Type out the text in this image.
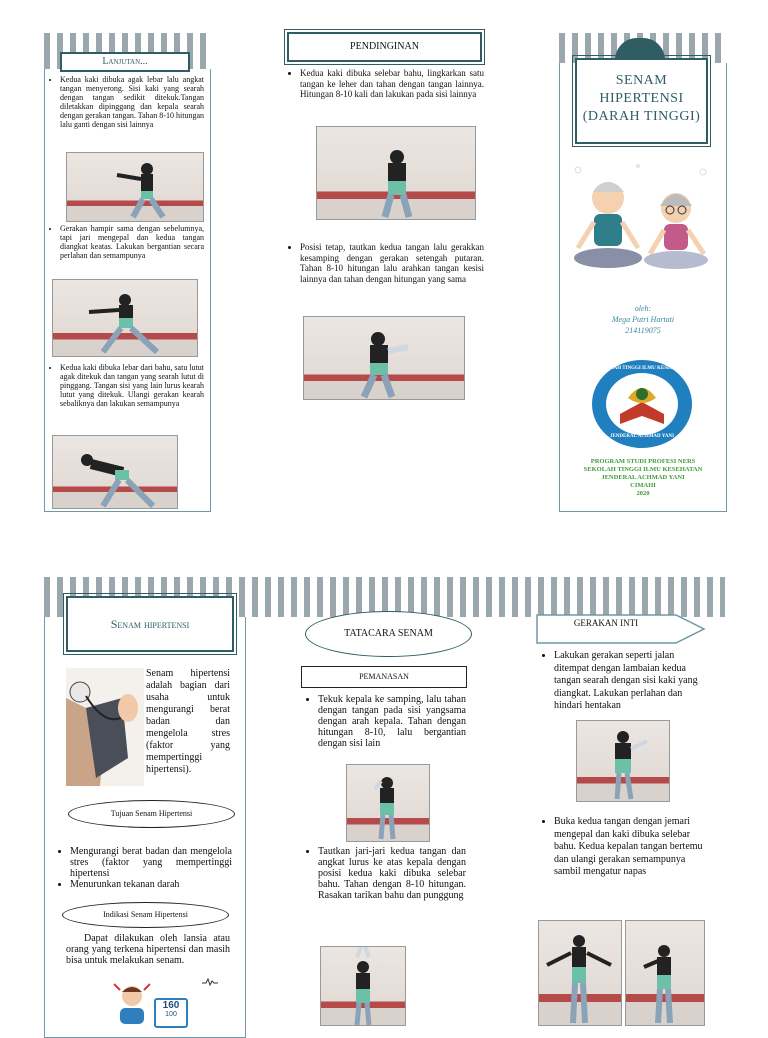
Lanjutan...
• Kedua kaki dibuka agak lebar lalu angkat tangan menyerong. Sisi kaki yang searah dengan tangan sedikit ditekuk.Tangan diletakkan dipinggang dan kepala searah dengan gerakan tangan. Tahan 8-10 hitungan lalu ganti dengan sisi lainnya
• Gerakan hampir sama dengan sebelumnya, tapi jari mengepal dan kedua tangan diangkat keatas. Lakukan bergantian secara perlahan dan semampunya
• Kedua kaki dibuka lebar dari bahu, satu lutut agak ditekuk dan tangan yang searah lutut di pinggang. Tangan sisi yang lain lurus kearah lutut yang ditekuk. Ulangi gerakan kearah sebaliknya dan lakukan semampunya
PENDINGINAN
• Kedua kaki dibuka selebar bahu, lingkarkan satu tangan ke leher dan tahan dengan tangan lainnya. Hitungan 8-10 kali dan lakukan pada sisi lainnya
• Posisi tetap, tautkan kedua tangan lalu gerakkan kesamping dengan gerakan setengah putaran. Tahan 8-10 hitungan lalu arahkan tangan kesisi lainnya dan tahan dengan hitungan yang sama
SENAM HIPERTENSI (DARAH TINGGI)
oleh:
Mega Putri Hartati
214119075
SEKOLAH TINGGI ILMU KESEHATAN
JENDERAL ACHMAD YANI
PROGRAM STUDI PROFESI NERS
SEKOLAH TINGGI ILMU KESEHATAN
JENDERAL ACHMAD YANI
CIMAHI
2020
Senam hipertensi
Senam hipertensi adalah bagian dari usaha untuk mengurangi berat badan dan mengelola stres (faktor yang mempertinggi hipertensi).
Tujuan Senam Hipertensi
• Mengurangi berat badan dan mengelola stres (faktor yang mempertinggi hipertensi
• Menurunkan tekanan darah
Indikasi Senam Hipertensi
Dapat dilakukan oleh lansia atau orang yang terkena hipertensi dan masih bisa untuk melakukan senam.
160
100
TATACARA SENAM
PEMANASAN
• Tekuk kepala ke samping, lalu tahan dengan tangan pada sisi yangsama dengan arah kepala. Tahan dengan hitungan 8-10, lalu bergantian dengan sisi lain
• Tautkan jari-jari kedua tangan dan angkat lurus ke atas kepala dengan posisi kedua kaki dibuka selebar bahu. Tahan dengan 8-10 hitungan. Rasakan tarikan bahu dan punggung
GERAKAN INTI
• Lakukan gerakan seperti jalan ditempat dengan lambaian kedua tangan searah dengan sisi kaki yang diangkat. Lakukan perlahan dan hindari hentakan
• Buka kedua tangan dengan jemari mengepal dan kaki dibuka selebar bahu. Kedua kepalan tangan bertemu dan ulangi gerakan semampunya sambil mengatur napas
